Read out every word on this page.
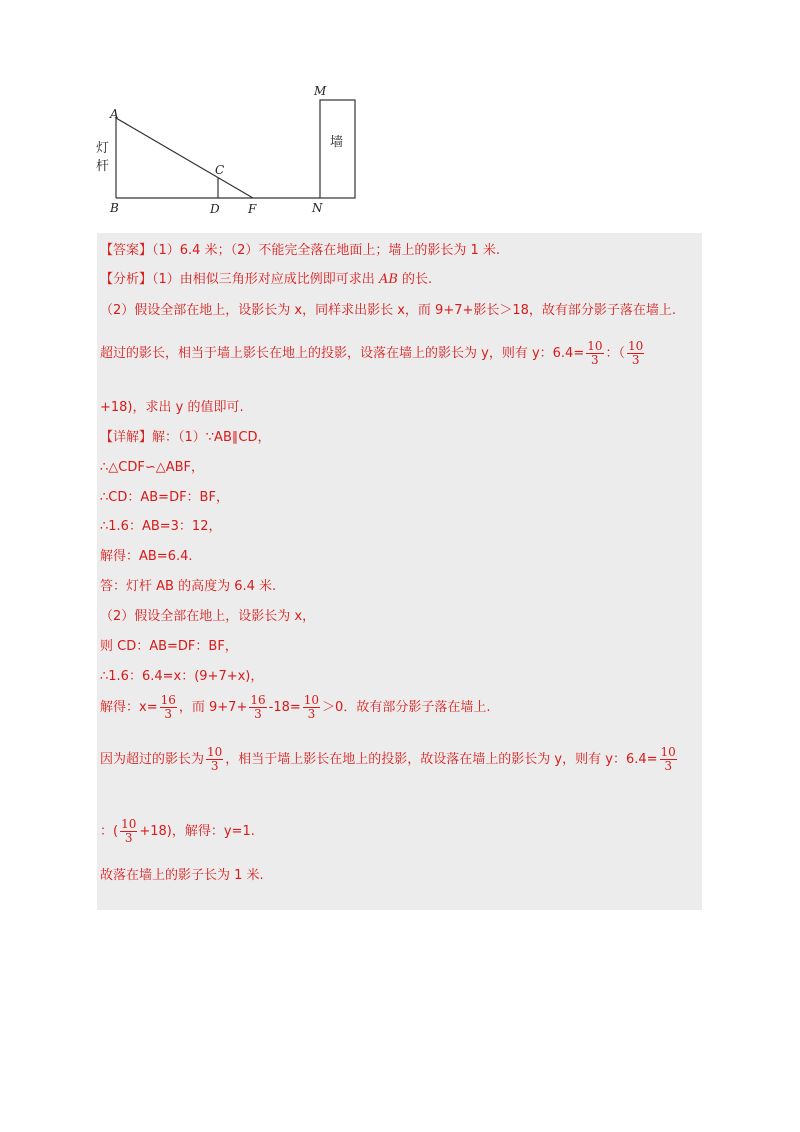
A
B
C
D F
M
N
灯
杆
墙
【答案】（1）6.4 米；（2）不能完全落在地面上；墙上的影长为 1 米.
【分析】（1）由相似三角形对应成比例即可求出 AB 的长.
（2）假设全部在地上，设影长为 x，同样求出影长 x，而 9+7+影长＞18，故有部分影子落在墙上.
超过的影长，相当于墙上影长在地上的投影，设落在墙上的影长为 y，则有 y：$6.4= \frac{10}{3}$ ：（ $\frac{10}{3}$
+18)，求出 y 的值即可.
【详解】解：（1）∵AB∥CD，
∴△CDF∽△ABF，
∴CD：AB=DF：BF，
∴1.6：AB=3：12，
解得：AB=6.4.
答：灯杆 AB 的高度为 6.4 米.
（2）假设全部在地上，设影长为 x，
则 CD：AB=DF：BF，
∴1.6：6.4=x：(9+7+x)，
解得：$x= \frac{16}{3}$ ，而 $9+7+ \frac{16}{3} -18= \frac{10}{3} >0$．故有部分影子落在墙上.
因为超过的影长为 $\frac{10}{3}$ ，相当于墙上影长在地上的投影，故设落在墙上的影长为 y，则有 y：$6.4= \frac{10}{3}$
：( $\frac{10}{3} +18$)，解得：y=1.
故落在墙上的影子长为 1 米.
